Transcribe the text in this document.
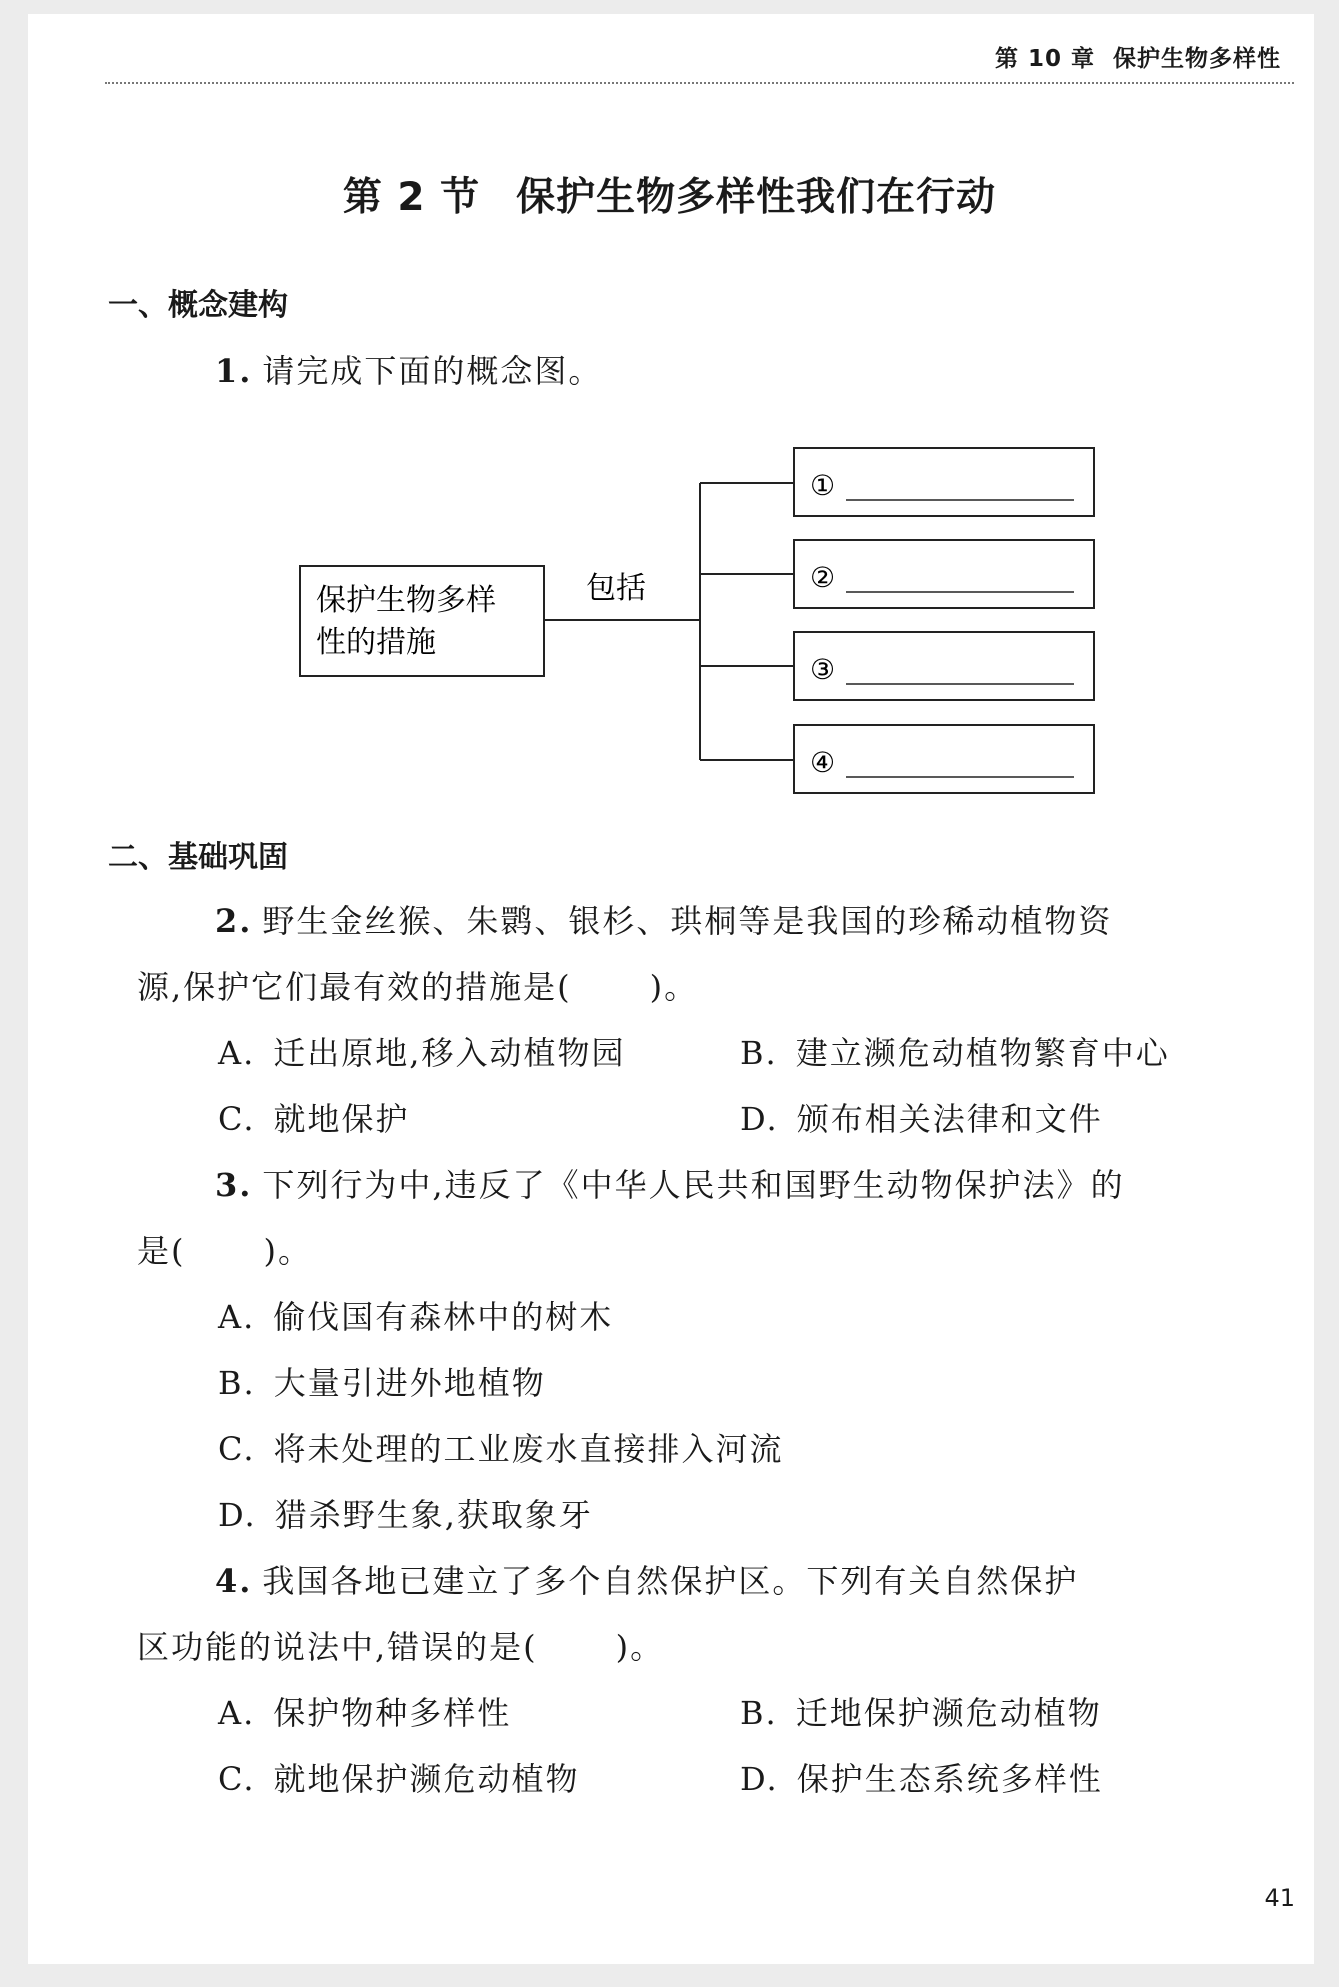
第 10 章 保护生物多样性
第 2 节 保护生物多样性我们在行动
一、概念建构
1. 请完成下面的概念图。
保护生物多样
性的措施
包括
①
②
③
④
二、基础巩固
2. 野生金丝猴、朱鹮、银杉、珙桐等是我国的珍稀动植物资
源,保护它们最有效的措施是( )。
A. 迁出原地,移入动植物园	B. 建立濒危动植物繁育中心
C. 就地保护	D. 颁布相关法律和文件
3. 下列行为中,违反了《中华人民共和国野生动物保护法》的
是( )。
A. 偷伐国有森林中的树木
B. 大量引进外地植物
C. 将未处理的工业废水直接排入河流
D. 猎杀野生象,获取象牙
4. 我国各地已建立了多个自然保护区。下列有关自然保护
区功能的说法中,错误的是( )。
A. 保护物种多样性	B. 迁地保护濒危动植物
C. 就地保护濒危动植物	D. 保护生态系统多样性
41
